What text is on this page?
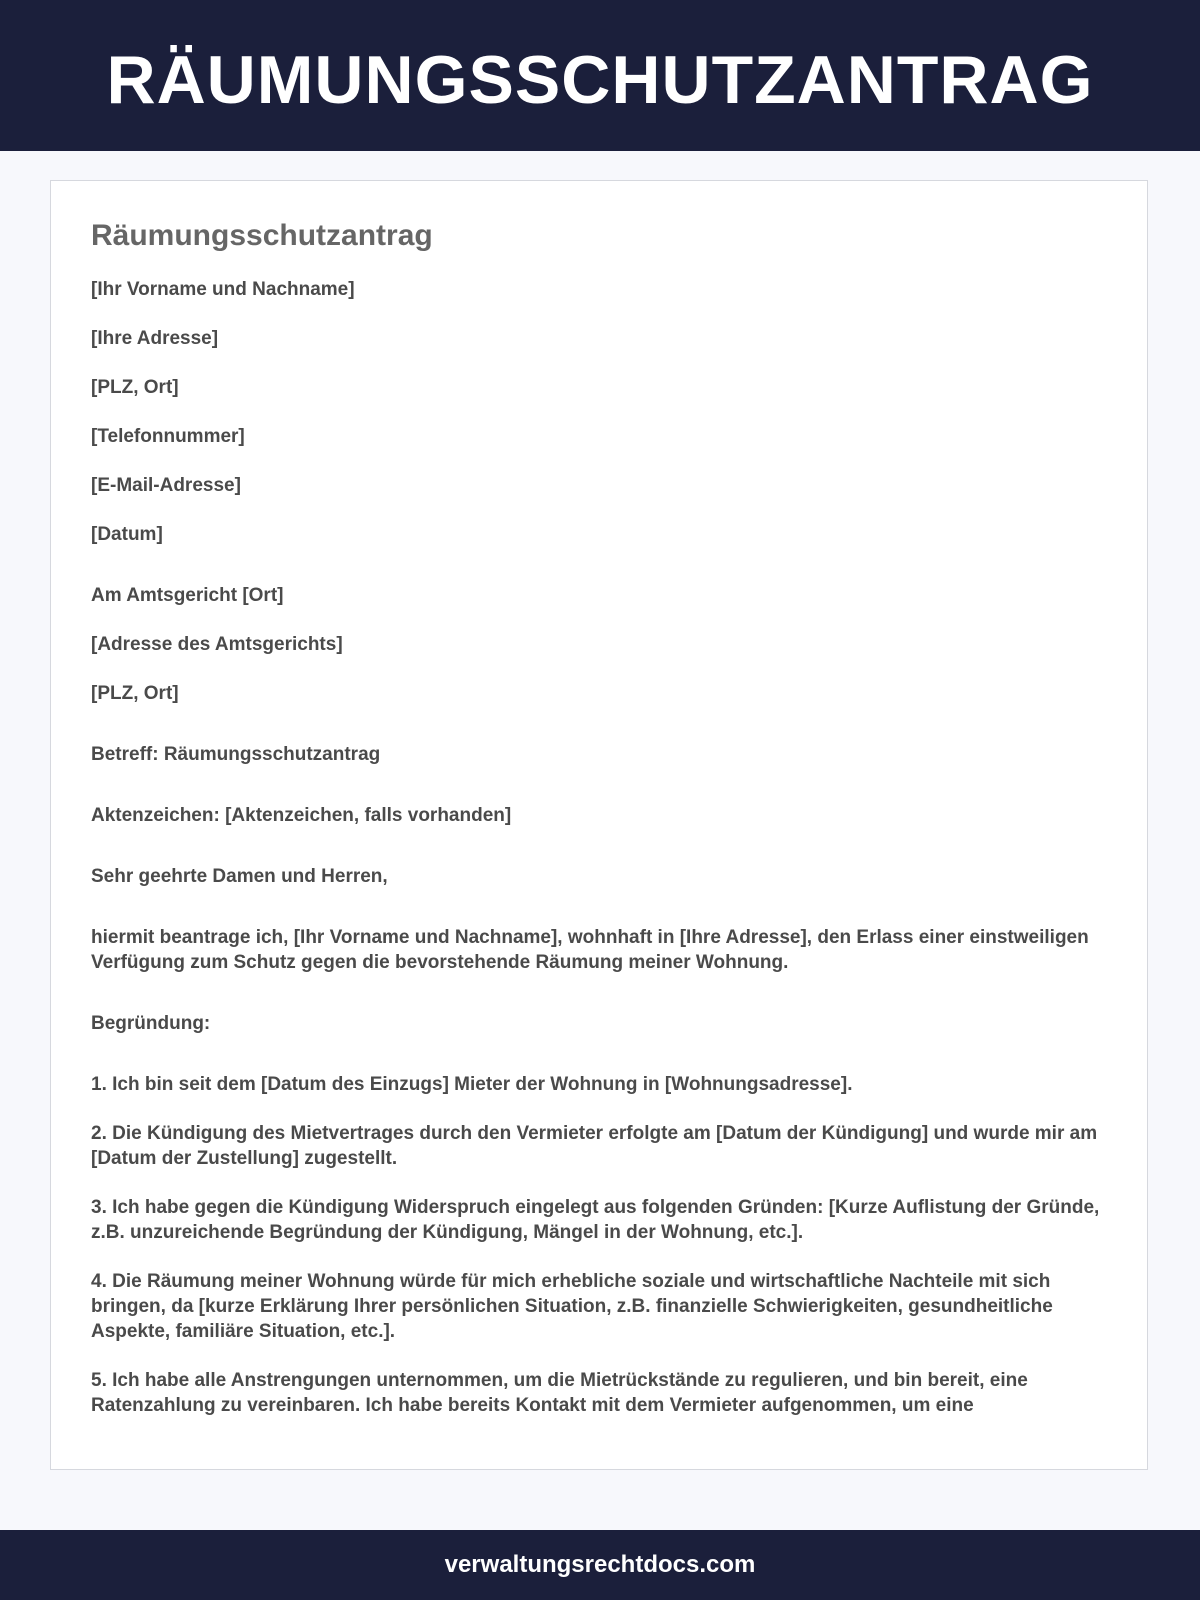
RÄUMUNGSSCHUTZANTRAG
Räumungsschutzantrag

[Ihr Vorname und Nachname]

[Ihre Adresse]

[PLZ, Ort]

[Telefonnummer]

[E-Mail-Adresse]

[Datum]

Am Amtsgericht [Ort]

[Adresse des Amtsgerichts]

[PLZ, Ort]

Betreff: Räumungsschutzantrag

Aktenzeichen: [Aktenzeichen, falls vorhanden]

Sehr geehrte Damen und Herren,

hiermit beantrage ich, [Ihr Vorname und Nachname], wohnhaft in [Ihre Adresse], den Erlass einer einstweiligen Verfügung zum Schutz gegen die bevorstehende Räumung meiner Wohnung.

Begründung:

1. Ich bin seit dem [Datum des Einzugs] Mieter der Wohnung in [Wohnungsadresse].

2. Die Kündigung des Mietvertrages durch den Vermieter erfolgte am [Datum der Kündigung] und wurde mir am [Datum der Zustellung] zugestellt.

3. Ich habe gegen die Kündigung Widerspruch eingelegt aus folgenden Gründen: [Kurze Auflistung der Gründe, z.B. unzureichende Begründung der Kündigung, Mängel in der Wohnung, etc.].

4. Die Räumung meiner Wohnung würde für mich erhebliche soziale und wirtschaftliche Nachteile mit sich bringen, da [kurze Erklärung Ihrer persönlichen Situation, z.B. finanzielle Schwierigkeiten, gesundheitliche Aspekte, familiäre Situation, etc.].

5. Ich habe alle Anstrengungen unternommen, um die Mietrückstände zu regulieren, und bin bereit, eine Ratenzahlung zu vereinbaren. Ich habe bereits Kontakt mit dem Vermieter aufgenommen, um eine

verwaltungsrechtdocs.com
